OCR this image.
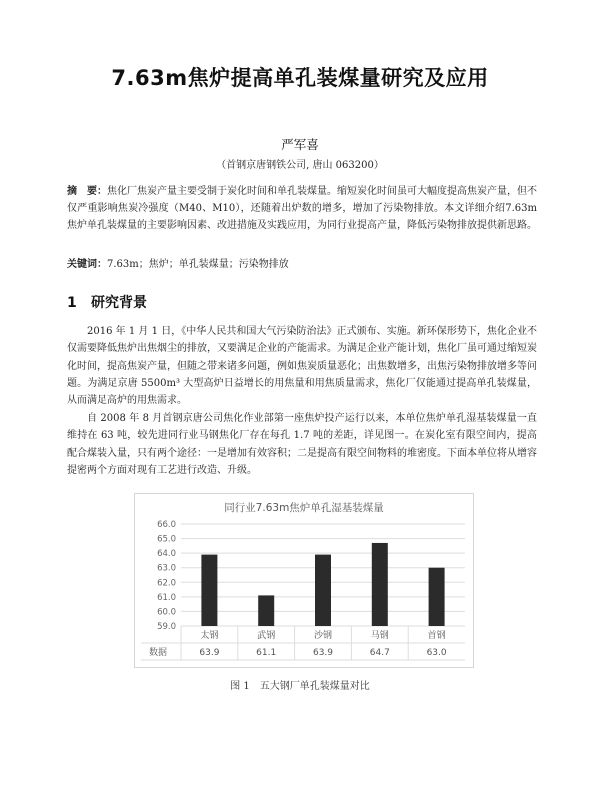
7.63m焦炉提高单孔装煤量研究及应用
严军喜
（首钢京唐钢铁公司, 唐山 063200）
摘　要：焦化厂焦炭产量主要受制于炭化时间和单孔装煤量。缩短炭化时间虽可大幅度提高焦炭产量，但不仅严重影响焦炭冷强度（M40、M10），还随着出炉数的增多，增加了污染物排放。本文详细介绍7.63m焦炉单孔装煤量的主要影响因素、改进措施及实践应用，为同行业提高产量，降低污染物排放提供新思路。
关键词：7.63m；焦炉；单孔装煤量；污染物排放
1 研究背景
2016 年 1 月 1 日，《中华人民共和国大气污染防治法》正式颁布、实施。新环保形势下，焦化企业不仅需要降低焦炉出焦烟尘的排放，又要满足企业的产能需求。为满足企业产能计划，焦化厂虽可通过缩短炭化时间，提高焦炭产量，但随之带来诸多问题，例如焦炭质量恶化；出焦数增多，出焦污染物排放增多等问题。为满足京唐 5500m³ 大型高炉日益增长的用焦量和用焦质量需求，焦化厂仅能通过提高单孔装煤量，从而满足高炉的用焦需求。
自 2008 年 8 月首钢京唐公司焦化作业部第一座焦炉投产运行以来，本单位焦炉单孔湿基装煤量一直维持在 63 吨，较先进同行业马钢焦化厂存在每孔 1.7 吨的差距，详见图一。在炭化室有限空间内，提高配合煤装入量，只有两个途径：一是增加有效容积；二是提高有限空间物料的堆密度。下面本单位将从增容提密两个方面对现有工艺进行改造、升级。
同行业7.63m焦炉单孔湿基装煤量
59.0
60.0
61.0
62.0
63.0
64.0
65.0
66.0
太钢
63.9
武钢
61.1
沙钢
63.9
马钢
64.7
首钢
63.0
数据
图 1　五大钢厂单孔装煤量对比
